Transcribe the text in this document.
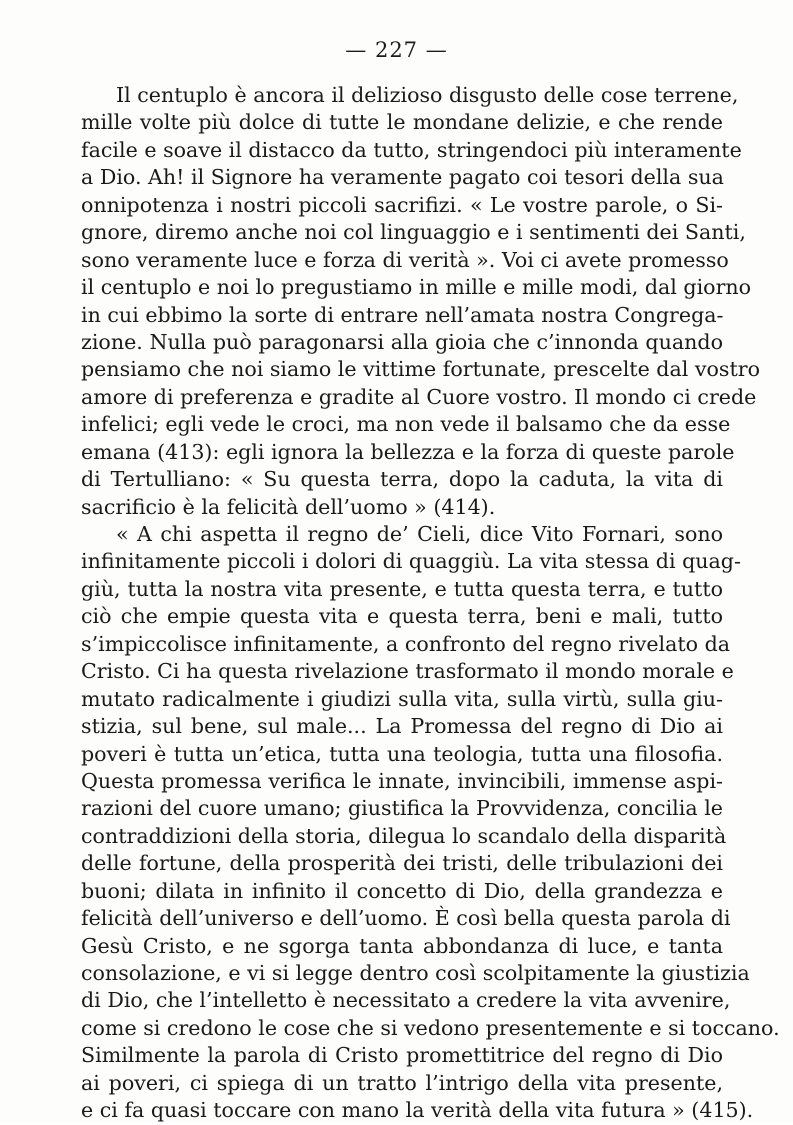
— 227 —
Il centuplo è ancora il delizioso disgusto delle cose terrene,
mille volte più dolce di tutte le mondane delizie, e che rende
facile e soave il distacco da tutto, stringendoci più interamente
a Dio. Ah! il Signore ha veramente pagato coi tesori della sua
onnipotenza i nostri piccoli sacrifizi. « Le vostre parole, o Si-
gnore, diremo anche noi col linguaggio e i sentimenti dei Santi,
sono veramente luce e forza di verità ». Voi ci avete promesso
il centuplo e noi lo pregustiamo in mille e mille modi, dal giorno
in cui ebbimo la sorte di entrare nell’amata nostra Congrega-
zione. Nulla può paragonarsi alla gioia che c’innonda quando
pensiamo che noi siamo le vittime fortunate, prescelte dal vostro
amore di preferenza e gradite al Cuore vostro. Il mondo ci crede
infelici; egli vede le croci, ma non vede il balsamo che da esse
emana (413): egli ignora la bellezza e la forza di queste parole
di Tertulliano: « Su questa terra, dopo la caduta, la vita di
sacrificio è la felicità dell’uomo » (414).
« A chi aspetta il regno de’ Cieli, dice Vito Fornari, sono
infinitamente piccoli i dolori di quaggiù. La vita stessa di quag-
giù, tutta la nostra vita presente, e tutta questa terra, e tutto
ciò che empie questa vita e questa terra, beni e mali, tutto
s’impiccolisce infinitamente, a confronto del regno rivelato da
Cristo. Ci ha questa rivelazione trasformato il mondo morale e
mutato radicalmente i giudizi sulla vita, sulla virtù, sulla giu-
stizia, sul bene, sul male... La Promessa del regno di Dio ai
poveri è tutta un’etica, tutta una teologia, tutta una filosofia.
Questa promessa verifica le innate, invincibili, immense aspi-
razioni del cuore umano; giustifica la Provvidenza, concilia le
contraddizioni della storia, dilegua lo scandalo della disparità
delle fortune, della prosperità dei tristi, delle tribulazioni dei
buoni; dilata in infinito il concetto di Dio, della grandezza e
felicità dell’universo e dell’uomo. È così bella questa parola di
Gesù Cristo, e ne sgorga tanta abbondanza di luce, e tanta
consolazione, e vi si legge dentro così scolpitamente la giustizia
di Dio, che l’intelletto è necessitato a credere la vita avvenire,
come si credono le cose che si vedono presentemente e si toccano.
Similmente la parola di Cristo promettitrice del regno di Dio
ai poveri, ci spiega di un tratto l’intrigo della vita presente,
e ci fa quasi toccare con mano la verità della vita futura » (415).
